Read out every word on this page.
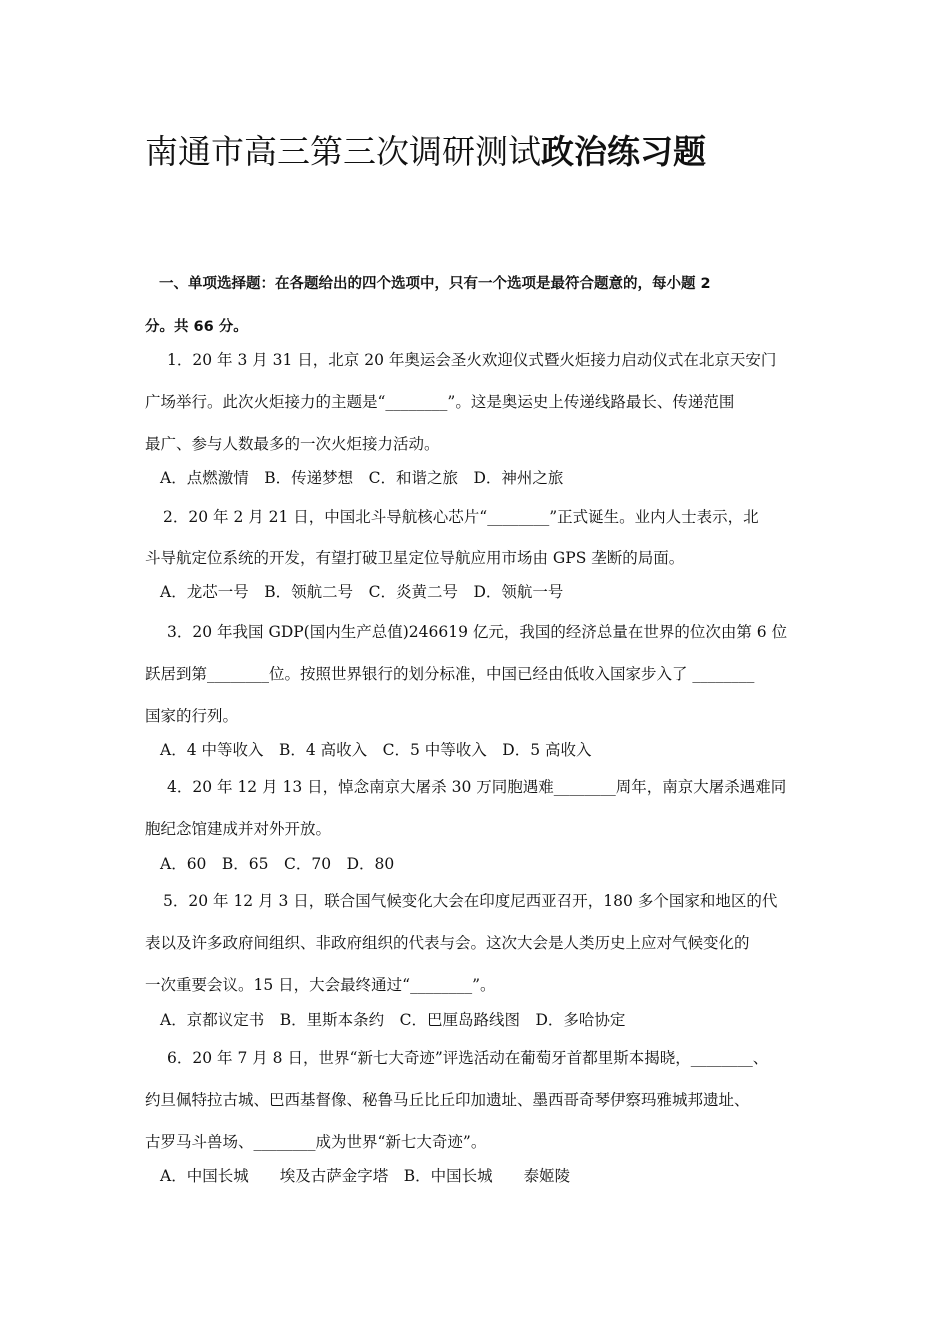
南通市高三第三次调研测试政治练习题
一、单项选择题：在各题给出的四个选项中，只有一个选项是最符合题意的，每小题 2
分。共 66 分。
1．20 年 3 月 31 日，北京 20 年奥运会圣火欢迎仪式暨火炬接力启动仪式在北京天安门
广场举行。此次火炬接力的主题是“________”。这是奥运史上传递线路最长、传递范围
最广、参与人数最多的一次火炬接力活动。
A．点燃激情　B．传递梦想　C．和谐之旅　D．神州之旅
2．20 年 2 月 21 日，中国北斗导航核心芯片“________”正式诞生。业内人士表示，北
斗导航定位系统的开发，有望打破卫星定位导航应用市场由 GPS 垄断的局面。
A．龙芯一号　B．领航二号　C．炎黄二号　D．领航一号
3．20 年我国 GDP(国内生产总值)246619 亿元，我国的经济总量在世界的位次由第 6 位
跃居到第________位。按照世界银行的划分标准，中国已经由低收入国家步入了 ________
国家的行列。
A．4 中等收入　B．4 高收入　C．5 中等收入　D．5 高收入
4．20 年 12 月 13 日，悼念南京大屠杀 30 万同胞遇难________周年，南京大屠杀遇难同
胞纪念馆建成并对外开放。
A．60　B．65　C．70　D．80
5．20 年 12 月 3 日，联合国气候变化大会在印度尼西亚召开，180 多个国家和地区的代
表以及许多政府间组织、非政府组织的代表与会。这次大会是人类历史上应对气候变化的
一次重要会议。15 日，大会最终通过“________”。
A．京都议定书　B．里斯本条约　C．巴厘岛路线图　D．多哈协定
6．20 年 7 月 8 日，世界“新七大奇迹”评选活动在葡萄牙首都里斯本揭晓，________、
约旦佩特拉古城、巴西基督像、秘鲁马丘比丘印加遗址、墨西哥奇琴伊察玛雅城邦遗址、
古罗马斗兽场、________成为世界“新七大奇迹”。
A．中国长城　　埃及古萨金字塔　B．中国长城　　泰姬陵
